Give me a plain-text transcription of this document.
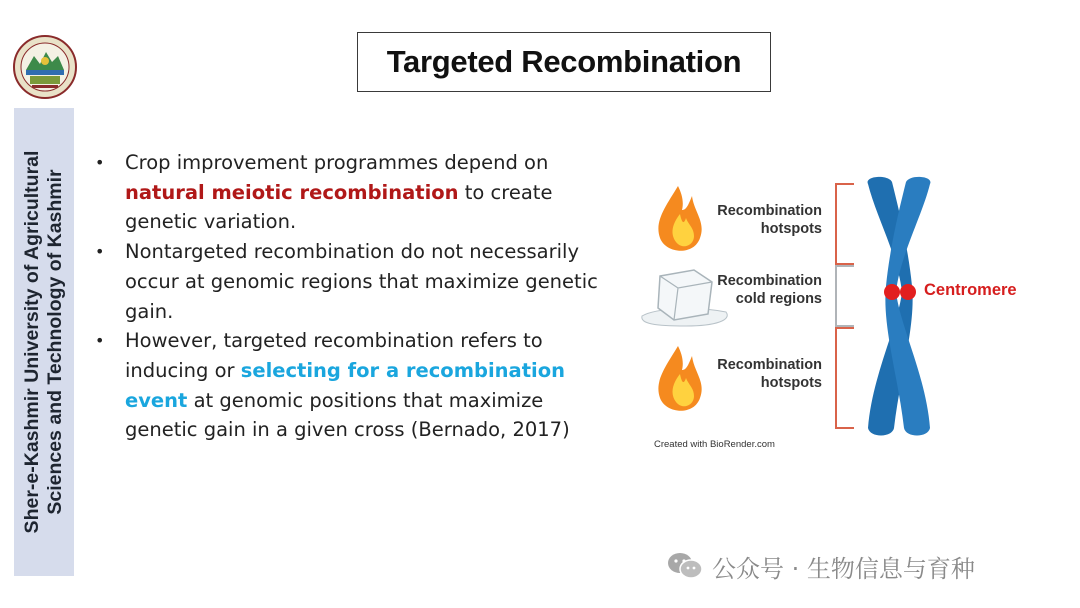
Sher-e-Kashmir University of Agricultural Sciences and Technology of Kashmir
Targeted Recombination
• Crop improvement programmes depend on natural meiotic recombination to create genetic variation.
• Nontargeted recombination do not necessarily occur at genomic regions that maximize genetic gain.
• However, targeted recombination refers to inducing or selecting for a recombination event at genomic positions that maximize genetic gain in a given cross (Bernado, 2017)
Recombination
hotspots
Recombination
cold regions
Recombination
hotspots
Centromere
Created with BioRender.com
公众号 · 生物信息与育种
